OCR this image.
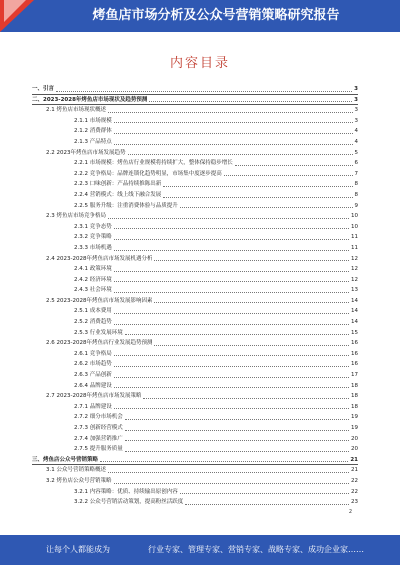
烤鱼店市场分析及公众号营销策略研究报告
内容目录
一、引言	3
二、2023-2028年烤鱼店市场现状及趋势预测	3
2.1 烤鱼店市场现状概述	3
2.1.1 市场规模	3
2.1.2 消费群体	4
2.1.3 产品特点	4
2.2 2023年烤鱼店市场发展趋势	5
2.2.1 市场规模：烤鱼店行业规模将持续扩大，整体保持稳步增长	6
2.2.2 竞争格局：品牌连锁化趋势明显，市场集中度逐步提高	7
2.2.3 口味创新：产品持续推陈出新	8
2.2.4 营销模式：线上线下融合发展	8
2.2.5 服务升级：注重消费体验与品质提升	9
2.3 烤鱼店市场竞争格局	10
2.3.1 竞争态势	10
2.3.2 竞争策略	11
2.3.3 市场机遇	11
2.4 2023-2028年烤鱼店市场发展机遇分析	12
2.4.1 政策环境	12
2.4.2 经济环境	12
2.4.3 社会环境	13
2.5 2023-2028年烤鱼店市场发展影响因素	14
2.5.1 成本费用	14
2.5.2 消费趋势	14
2.5.3 行业发展环境	15
2.6 2023-2028年烤鱼店行业发展趋势预测	16
2.6.1 竞争格局	16
2.6.2 市场趋势	16
2.6.3 产品创新	17
2.6.4 品牌建设	18
2.7 2023-2028年烤鱼店市场发展策略	18
2.7.1 品牌建设	18
2.7.2 细分市场机会	19
2.7.3 创新经营模式	19
2.7.4 加强营销推广	20
2.7.5 提升服务质量	20
三、烤鱼店公众号营销策略	21
3.1 公众号营销策略概述	21
3.2 烤鱼店公众号营销策略	22
3.2.1 内容策略：优质、持续输出原创内容	22
3.2.2 公众号营销活动策划，提高粉丝活跃度	23
2
让每个人都能成为	行业专家、管理专家、营销专家、战略专家、成功企业家……
